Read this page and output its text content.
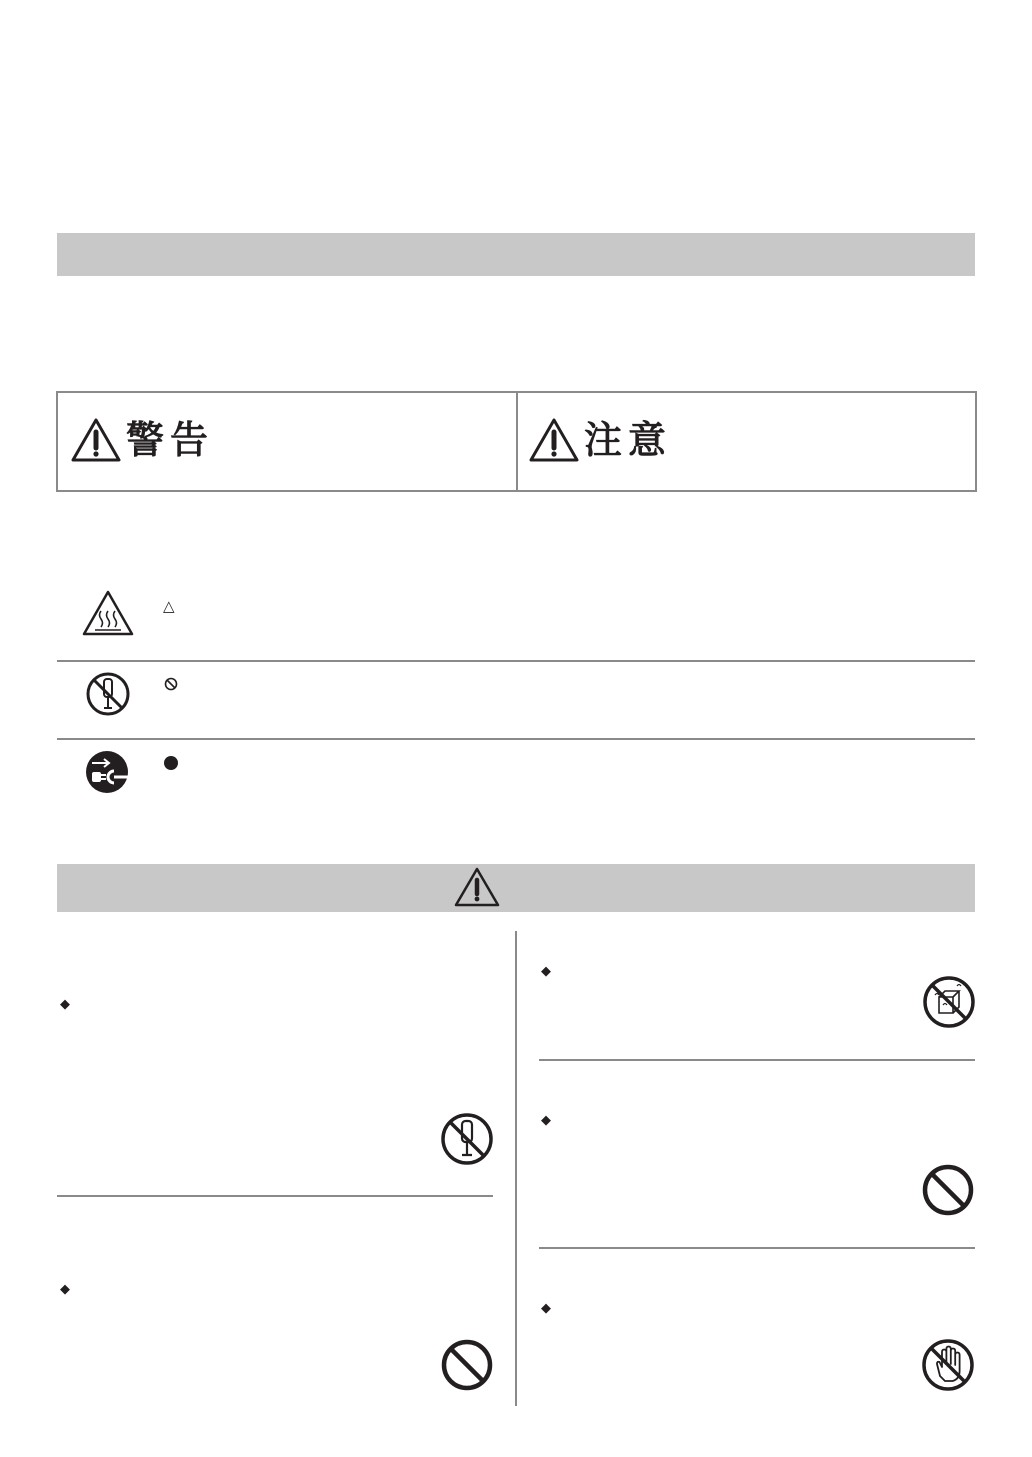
警告	注意
△
◆
◆
◆
◆
◆
